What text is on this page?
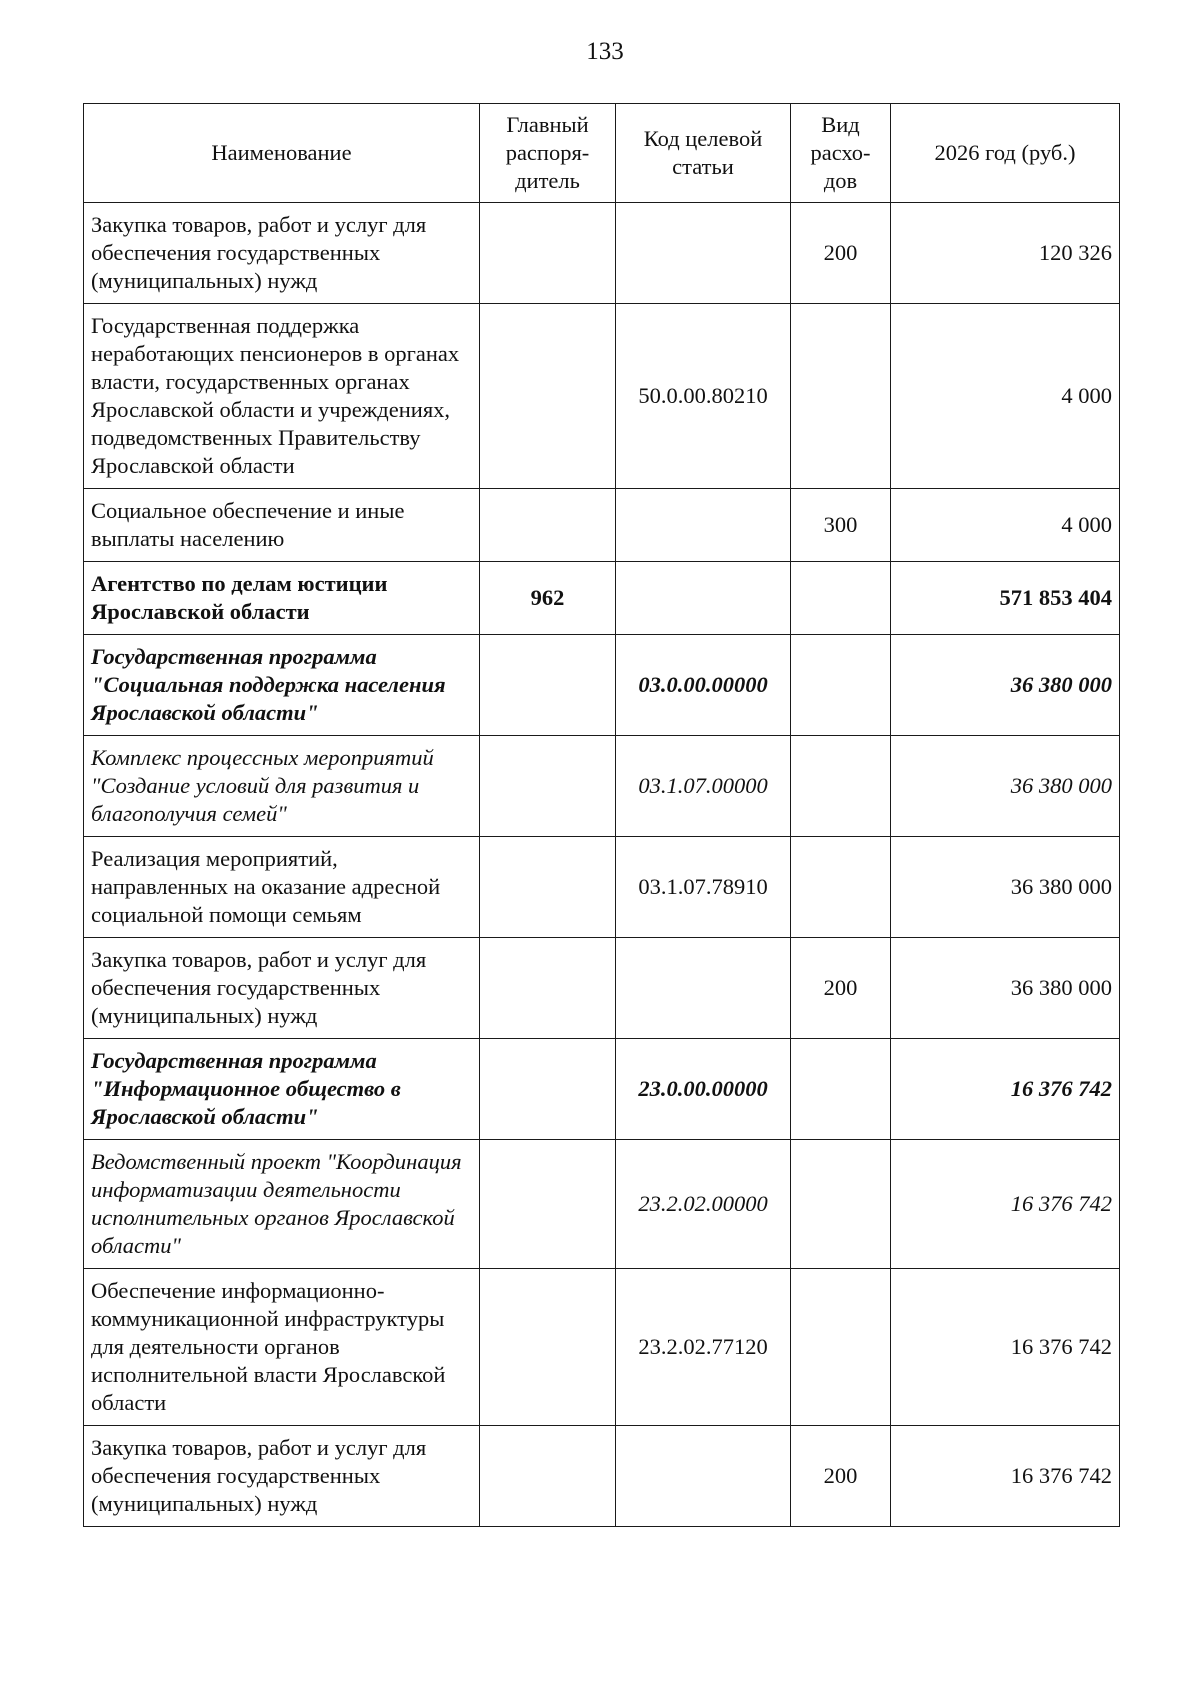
133
Наименование	Главный распоря-дитель	Код целевой статьи	Вид расхо-дов	2026 год (руб.)
Закупка товаров, работ и услуг для обеспечения государственных (муниципальных) нужд			200	120 326
Государственная поддержка неработающих пенсионеров в органах власти, государственных органах Ярославской области и учреждениях, подведомственных Правительству Ярославской области		50.0.00.80210		4 000
Социальное обеспечение и иные выплаты населению			300	4 000
Агентство по делам юстиции Ярославской области	962			571 853 404
Государственная программа "Социальная поддержка населения Ярославской области"		03.0.00.00000		36 380 000
Комплекс процессных мероприятий "Создание условий для развития и благополучия семей"		03.1.07.00000		36 380 000
Реализация мероприятий, направленных на оказание адресной социальной помощи семьям		03.1.07.78910		36 380 000
Закупка товаров, работ и услуг для обеспечения государственных (муниципальных) нужд			200	36 380 000
Государственная программа "Информационное общество в Ярославской области"		23.0.00.00000		16 376 742
Ведомственный проект "Координация информатизации деятельности исполнительных органов Ярославской области"		23.2.02.00000		16 376 742
Обеспечение информационно-коммуникационной инфраструктуры для деятельности органов исполнительной власти Ярославской области		23.2.02.77120		16 376 742
Закупка товаров, работ и услуг для обеспечения государственных (муниципальных) нужд			200	16 376 742
